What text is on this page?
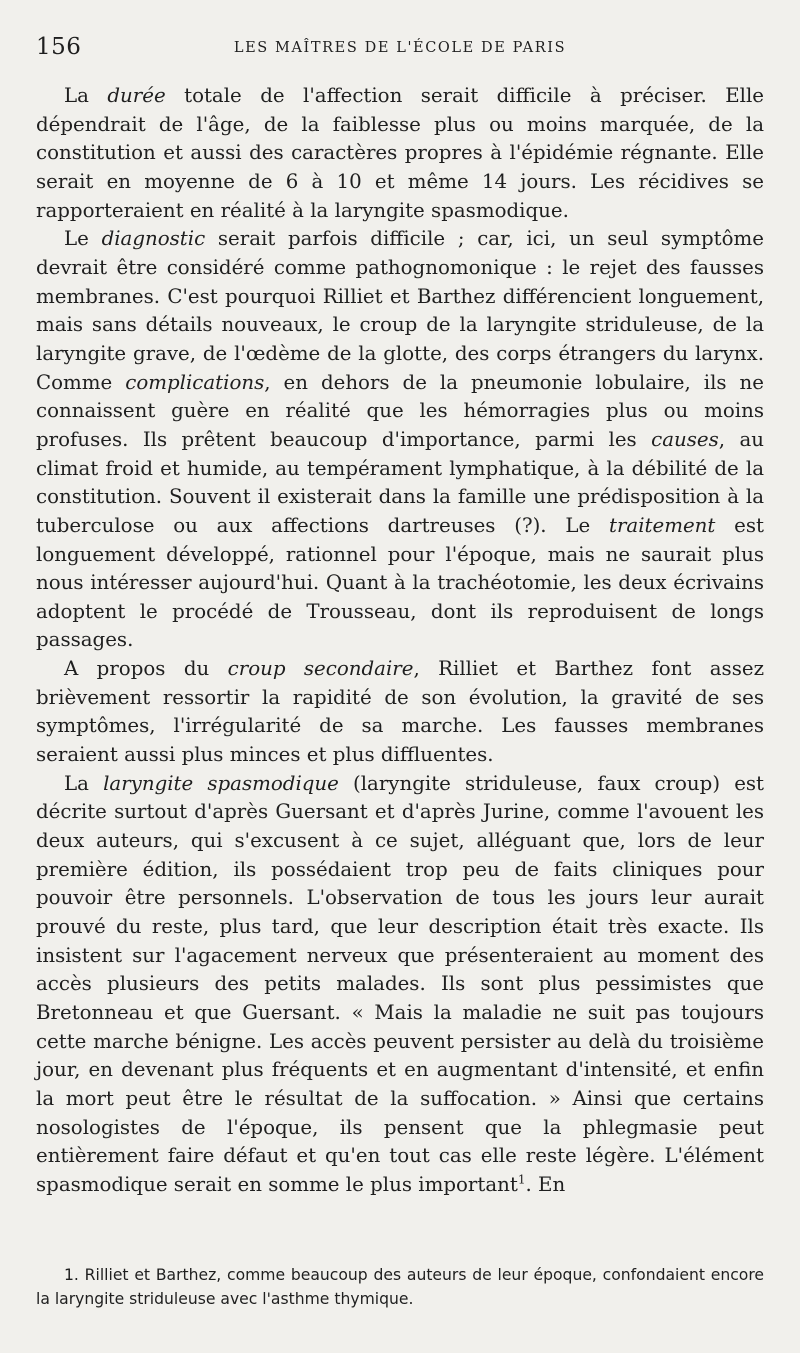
156	LES MAÎTRES DE L'ÉCOLE DE PARIS

La durée totale de l'affection serait difficile à préciser. Elle dépendrait de l'âge, de la faiblesse plus ou moins marquée, de la constitution et aussi des caractères propres à l'épidémie régnante. Elle serait en moyenne de 6 à 10 et même 14 jours. Les récidives se rapporteraient en réalité à la laryngite spasmodique.

Le diagnostic serait parfois difficile ; car, ici, un seul symptôme devrait être considéré comme pathognomonique : le rejet des fausses membranes. C'est pourquoi Rilliet et Barthez différencient longuement, mais sans détails nouveaux, le croup de la laryngite striduleuse, de la laryngite grave, de l'œdème de la glotte, des corps étrangers du larynx. Comme complications, en dehors de la pneumonie lobulaire, ils ne connaissent guère en réalité que les hémorragies plus ou moins profuses. Ils prêtent beaucoup d'importance, parmi les causes, au climat froid et humide, au tempérament lymphatique, à la débilité de la constitution. Souvent il existerait dans la famille une prédisposition à la tuberculose ou aux affections dartreuses (?). Le traitement est longuement développé, rationnel pour l'époque, mais ne saurait plus nous intéresser aujourd'hui. Quant à la trachéotomie, les deux écrivains adoptent le procédé de Trousseau, dont ils reproduisent de longs passages.

A propos du croup secondaire, Rilliet et Barthez font assez brièvement ressortir la rapidité de son évolution, la gravité de ses symptômes, l'irrégularité de sa marche. Les fausses membranes seraient aussi plus minces et plus diffluentes.

La laryngite spasmodique (laryngite striduleuse, faux croup) est décrite surtout d'après Guersant et d'après Jurine, comme l'avouent les deux auteurs, qui s'excusent à ce sujet, alléguant que, lors de leur première édition, ils possédaient trop peu de faits cliniques pour pouvoir être personnels. L'observation de tous les jours leur aurait prouvé du reste, plus tard, que leur description était très exacte. Ils insistent sur l'agacement nerveux que présenteraient au moment des accès plusieurs des petits malades. Ils sont plus pessimistes que Bretonneau et que Guersant. « Mais la maladie ne suit pas toujours cette marche bénigne. Les accès peuvent persister au delà du troisième jour, en devenant plus fréquents et en augmentant d'intensité, et enfin la mort peut être le résultat de la suffocation. » Ainsi que certains nosologistes de l'époque, ils pensent que la phlegmasie peut entièrement faire défaut et qu'en tout cas elle reste légère. L'élément spasmodique serait en somme le plus important$^1$. En

1. Rilliet et Barthez, comme beaucoup des auteurs de leur époque, confondaient encore la laryngite striduleuse avec l'asthme thymique.
